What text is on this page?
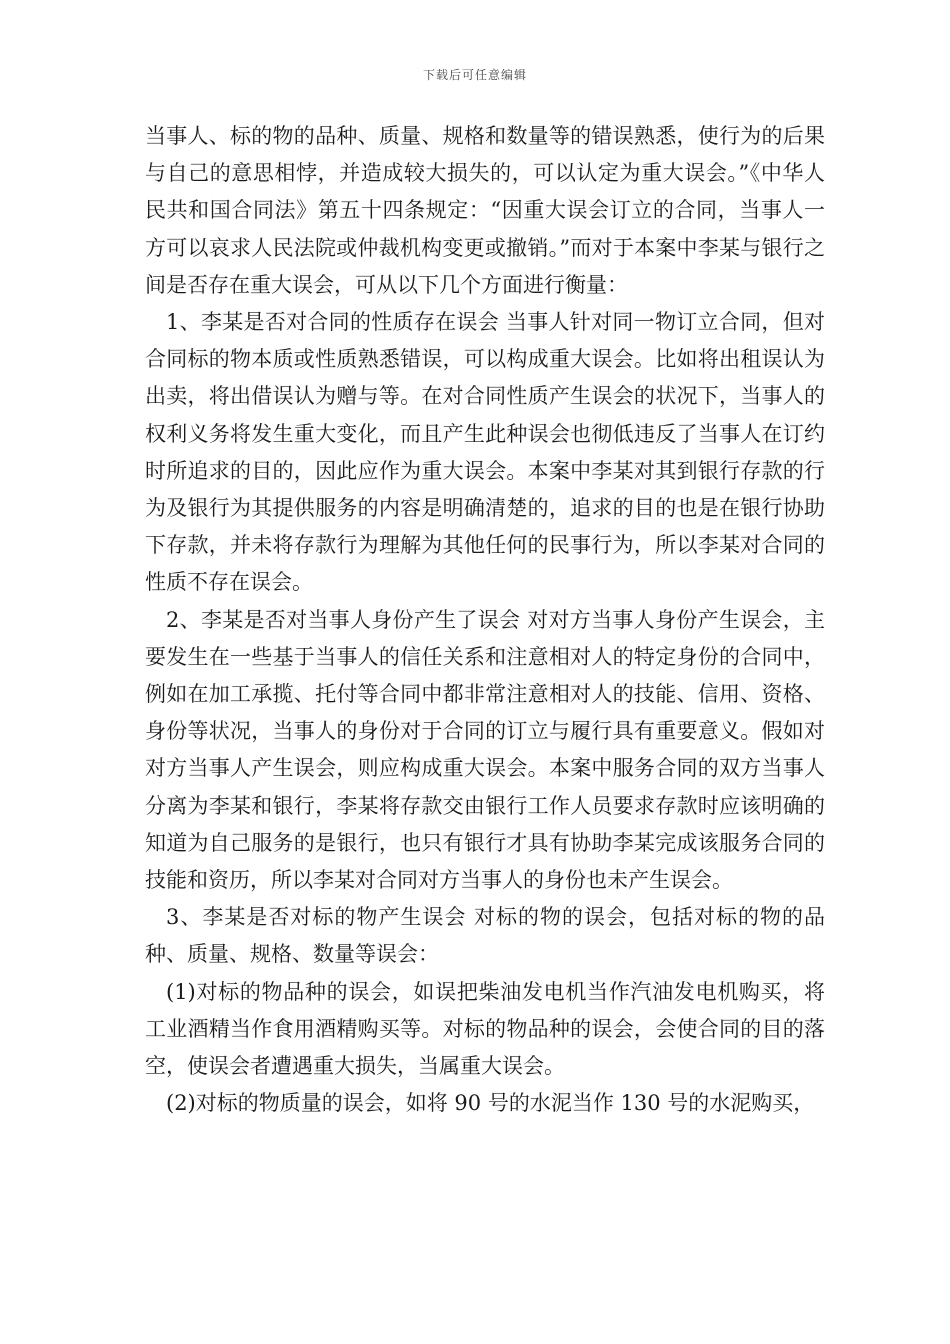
下载后可任意编辑

当事人、标的物的品种、质量、规格和数量等的错误熟悉，使行为的后果与自己的意思相悖，并造成较大损失的，可以认定为重大误会。”《中华人民共和国合同法》第五十四条规定：“因重大误会订立的合同，当事人一方可以哀求人民法院或仲裁机构变更或撤销。”而对于本案中李某与银行之间是否存在重大误会，可从以下几个方面进行衡量：

1、李某是否对合同的性质存在误会 当事人针对同一物订立合同，但对合同标的物本质或性质熟悉错误，可以构成重大误会。比如将出租误认为出卖，将出借误认为赠与等。在对合同性质产生误会的状况下，当事人的权利义务将发生重大变化，而且产生此种误会也彻低违反了当事人在订约时所追求的目的，因此应作为重大误会。本案中李某对其到银行存款的行为及银行为其提供服务的内容是明确清楚的，追求的目的也是在银行协助下存款，并未将存款行为理解为其他任何的民事行为，所以李某对合同的性质不存在误会。

2、李某是否对当事人身份产生了误会 对对方当事人身份产生误会，主要发生在一些基于当事人的信任关系和注意相对人的特定身份的合同中，例如在加工承揽、托付等合同中都非常注意相对人的技能、信用、资格、身份等状况，当事人的身份对于合同的订立与履行具有重要意义。假如对对方当事人产生误会，则应构成重大误会。本案中服务合同的双方当事人分离为李某和银行，李某将存款交由银行工作人员要求存款时应该明确的知道为自己服务的是银行，也只有银行才具有协助李某完成该服务合同的技能和资历，所以李某对合同对方当事人的身份也未产生误会。

3、李某是否对标的物产生误会 对标的物的误会，包括对标的物的品种、质量、规格、数量等误会：

(1)对标的物品种的误会，如误把柴油发电机当作汽油发电机购买，将工业酒精当作食用酒精购买等。对标的物品种的误会，会使合同的目的落空，使误会者遭遇重大损失，当属重大误会。

(2)对标的物质量的误会，如将 90 号的水泥当作 130 号的水泥购买，
